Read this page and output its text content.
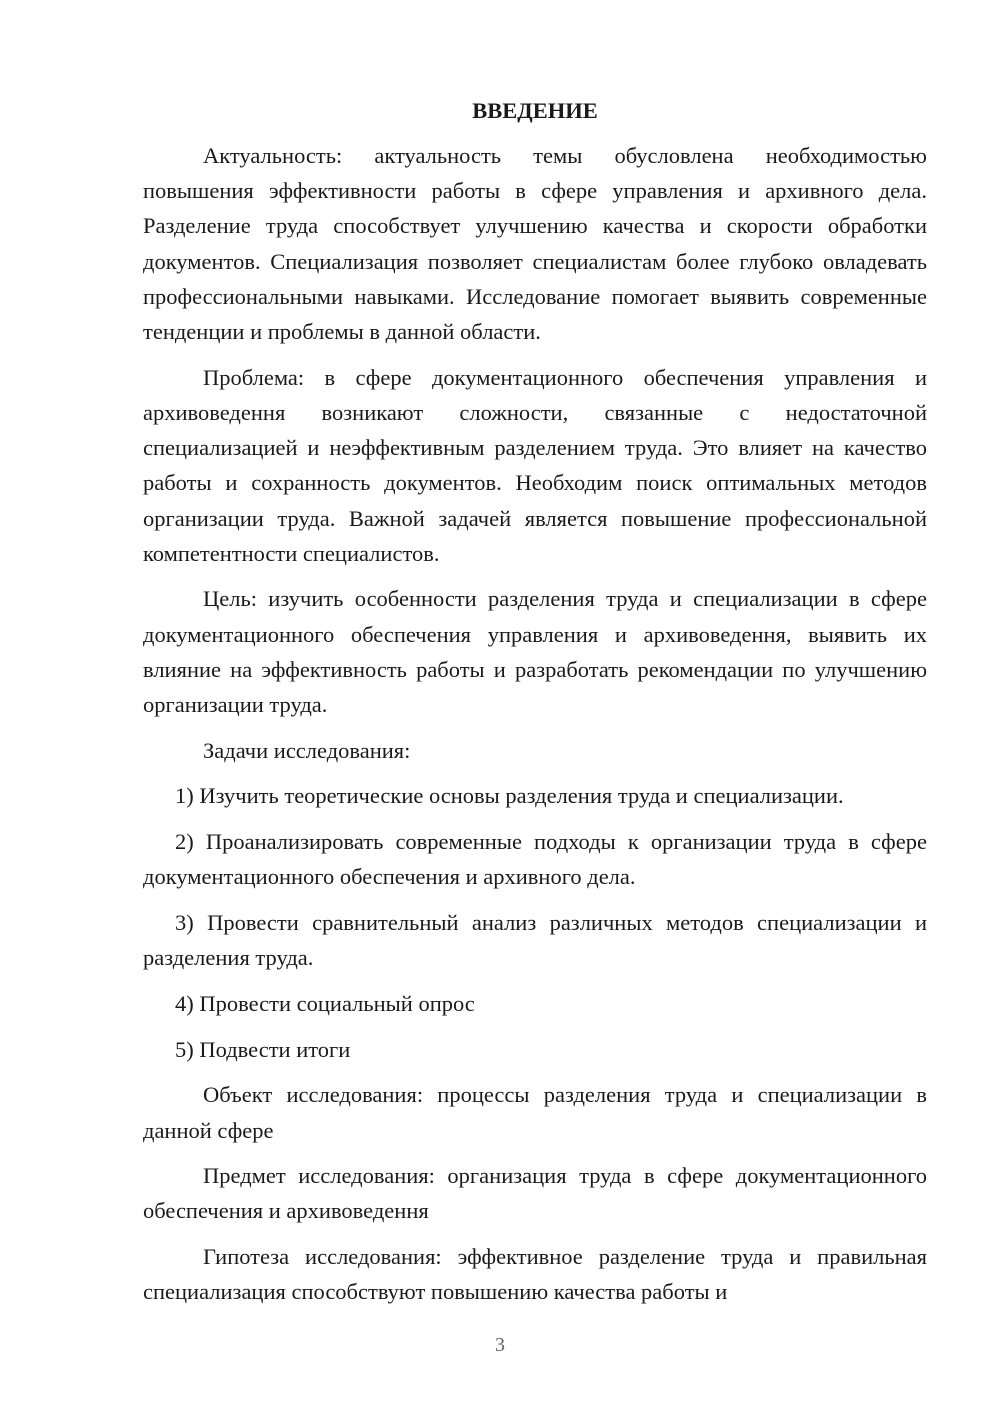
ВВЕДЕНИЕ

Актуальность: актуальность темы обусловлена необходимостью повышения эффективности работы в сфере управления и архивного дела. Разделение труда способствует улучшению качества и скорости обработки документов. Специализация позволяет специалистам более глубоко овладевать профессиональными навыками. Исследование помогает выявить современные тенденции и проблемы в данной области.

Проблема: в сфере документационного обеспечения управления и архивоведення возникают сложности, связанные с недостаточной специализацией и неэффективным разделением труда. Это влияет на качество работы и сохранность документов. Необходим поиск оптимальных методов организации труда. Важной задачей является повышение профессиональной компетентности специалистов.

Цель: изучить особенности разделения труда и специализации в сфере документационного обеспечения управления и архивоведення, выявить их влияние на эффективность работы и разработать рекомендации по улучшению организации труда.

Задачи исследования:

1) Изучить теоретические основы разделения труда и специализации.

2) Проанализировать современные подходы к организации труда в сфере документационного обеспечения и архивного дела.

3) Провести сравнительный анализ различных методов специализации и разделения труда.

4) Провести социальный опрос

5) Подвести итоги

Объект исследования: процессы разделения труда и специализации в данной сфере

Предмет исследования: организация труда в сфере документационного обеспечения и архивоведення

Гипотеза исследования: эффективное разделение труда и правильная специализация способствуют повышению качества работы и

3
